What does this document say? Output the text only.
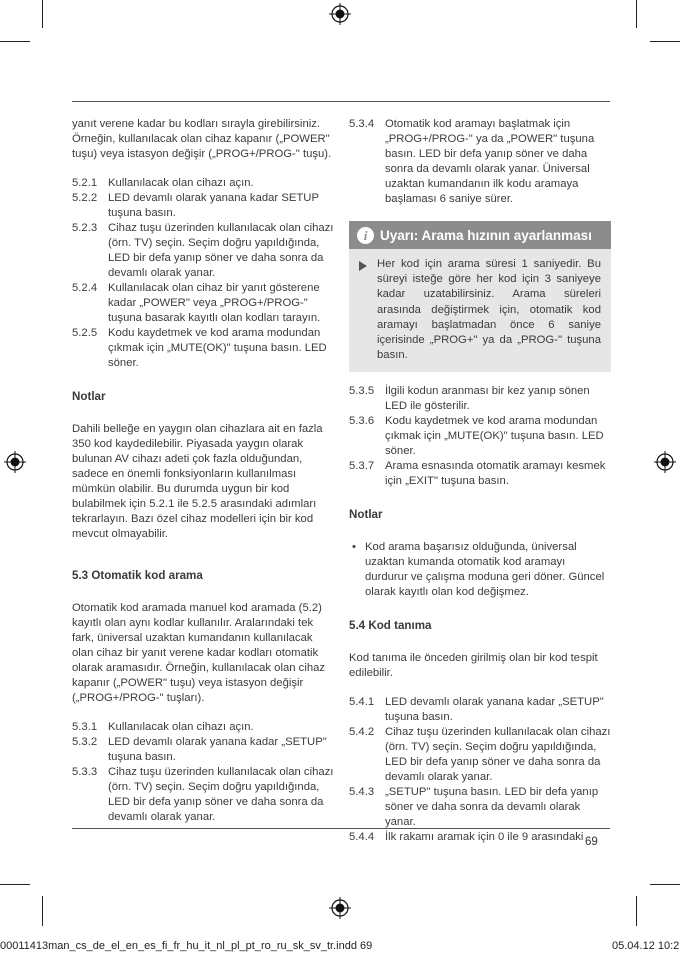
yanıt verene kadar bu kodları sırayla girebilirsiniz. Örneğin, kullanılacak olan cihaz kapanır („POWER" tuşu) veya istasyon değişir („PROG+/PROG-" tuşu).

5.2.1 Kullanılacak olan cihazı açın.
5.2.2 LED devamlı olarak yanana kadar SETUP tuşuna basın.
5.2.3 Cihaz tuşu üzerinden kullanılacak olan cihazı (örn. TV) seçin. Seçim doğru yapıldığında, LED bir defa yanıp söner ve daha sonra da devamlı olarak yanar.
5.2.4 Kullanılacak olan cihaz bir yanıt gösterene kadar „POWER" veya „PROG+/PROG-" tuşuna basarak kayıtlı olan kodları tarayın.
5.2.5 Kodu kaydetmek ve kod arama modundan çıkmak için „MUTE(OK)" tuşuna basın. LED söner.
Notlar

Dahili belleğe en yaygın olan cihazlara ait en fazla 350 kod kaydedilebilir. Piyasada yaygın olarak bulunan AV cihazı adeti çok fazla olduğundan, sadece en önemli fonksiyonların kullanılması mümkün olabilir. Bu durumda uygun bir kod bulabilmek için 5.2.1 ile 5.2.5 arasındaki adımları tekrarlayın. Bazı özel cihaz modelleri için bir kod mevcut olmayabilir.

5.3 Otomatik kod arama

Otomatik kod aramada manuel kod aramada (5.2) kayıtlı olan aynı kodlar kullanılır. Aralarındaki tek fark, üniversal uzaktan kumandanın kullanılacak olan cihaz bir yanıt verene kadar kodları otomatik olarak aramasıdır. Örneğin, kullanılacak olan cihaz kapanır („POWER" tuşu) veya istasyon değişir („PROG+/PROG-" tuşları).

5.3.1 Kullanılacak olan cihazı açın.
5.3.2 LED devamlı olarak yanana kadar „SETUP" tuşuna basın.
5.3.3 Cihaz tuşu üzerinden kullanılacak olan cihazı (örn. TV) seçin. Seçim doğru yapıldığında, LED bir defa yanıp söner ve daha sonra da devamlı olarak yanar.
5.3.4 Otomatik kod aramayı başlatmak için „PROG+/PROG-" ya da „POWER" tuşuna basın. LED bir defa yanıp söner ve daha sonra da devamlı olarak yanar. Üniversal uzaktan kumandanın ilk kodu aramaya başlaması 6 saniye sürer.
i Uyarı: Arama hızının ayarlanması
Her kod için arama süresi 1 saniyedir. Bu süreyi isteğe göre her kod için 3 saniyeye kadar uzatabilirsiniz. Arama süreleri arasında değiştirmek için, otomatik kod aramayı başlatmadan önce 6 saniye içerisinde „PROG+" ya da „PROG-" tuşuna basın.
5.3.5 İlgili kodun aranması bir kez yanıp sönen LED ile gösterilir.
5.3.6 Kodu kaydetmek ve kod arama modundan çıkmak için „MUTE(OK)" tuşuna basın. LED söner.
5.3.7 Arama esnasında otomatik aramayı kesmek için „EXIT" tuşuna basın.
Notlar
• Kod arama başarısız olduğunda, üniversal uzaktan kumanda otomatik kod aramayı durdurur ve çalışma moduna geri döner. Güncel olarak kayıtlı olan kod değişmez.
5.4 Kod tanıma

Kod tanıma ile önceden girilmiş olan bir kod tespit edilebilir.

5.4.1 LED devamlı olarak yanana kadar „SETUP" tuşuna basın.
5.4.2 Cihaz tuşu üzerinden kullanılacak olan cihazı (örn. TV) seçin. Seçim doğru yapıldığında, LED bir defa yanıp söner ve daha sonra da devamlı olarak yanar.
5.4.3 „SETUP" tuşuna basın. LED bir defa yanıp söner ve daha sonra da devamlı olarak yanar.
5.4.4 İlk rakamı aramak için 0 ile 9 arasındaki 69
00011413man_cs_de_el_en_es_fi_fr_hu_it_nl_pl_pt_ro_ru_sk_sv_tr.indd 69	05.04.12 10:2
